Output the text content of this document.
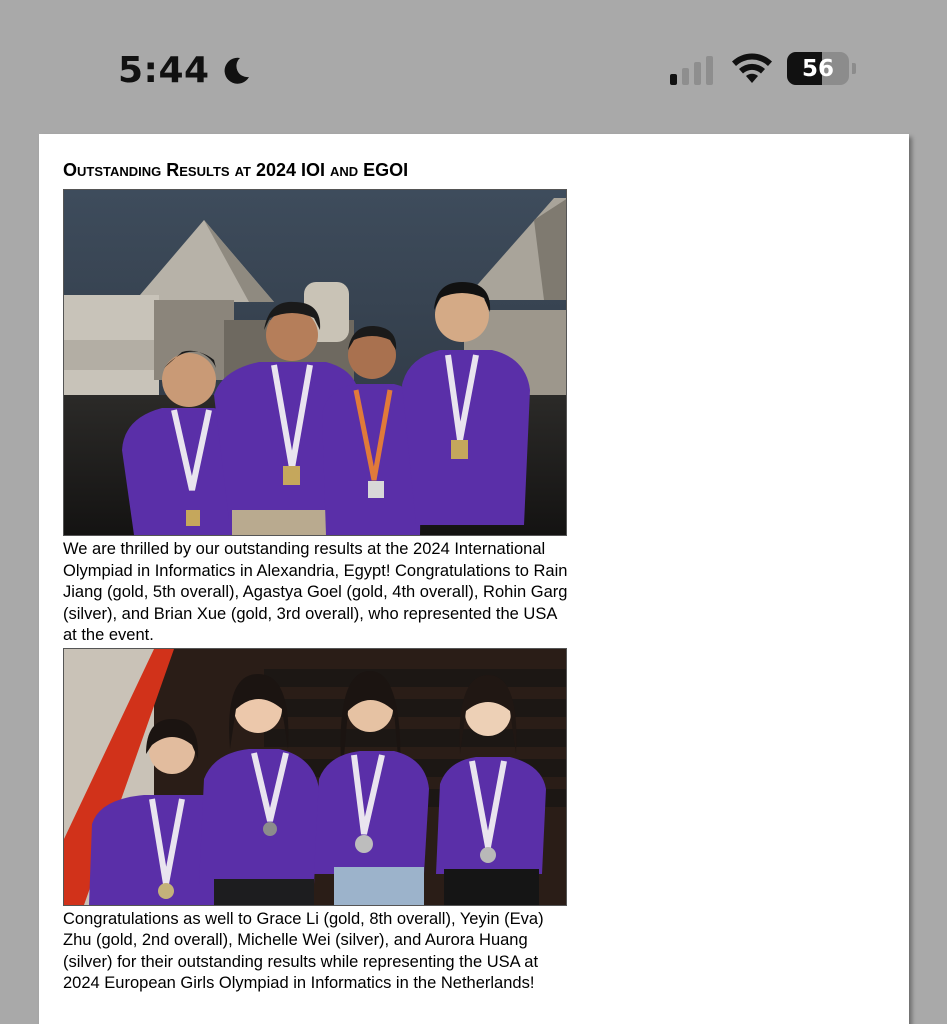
5:44	56
Outstanding Results at 2024 IOI and EGOI

We are thrilled by our outstanding results at the 2024 International Olympiad in Informatics in Alexandria, Egypt! Congratulations to Rain Jiang (gold, 5th overall), Agastya Goel (gold, 4th overall), Rohin Garg (silver), and Brian Xue (gold, 3rd overall), who represented the USA at the event.

Congratulations as well to Grace Li (gold, 8th overall), Yeyin (Eva) Zhu (gold, 2nd overall), Michelle Wei (silver), and Aurora Huang (silver) for their outstanding results while representing the USA at 2024 European Girls Olympiad in Informatics in the Netherlands!
